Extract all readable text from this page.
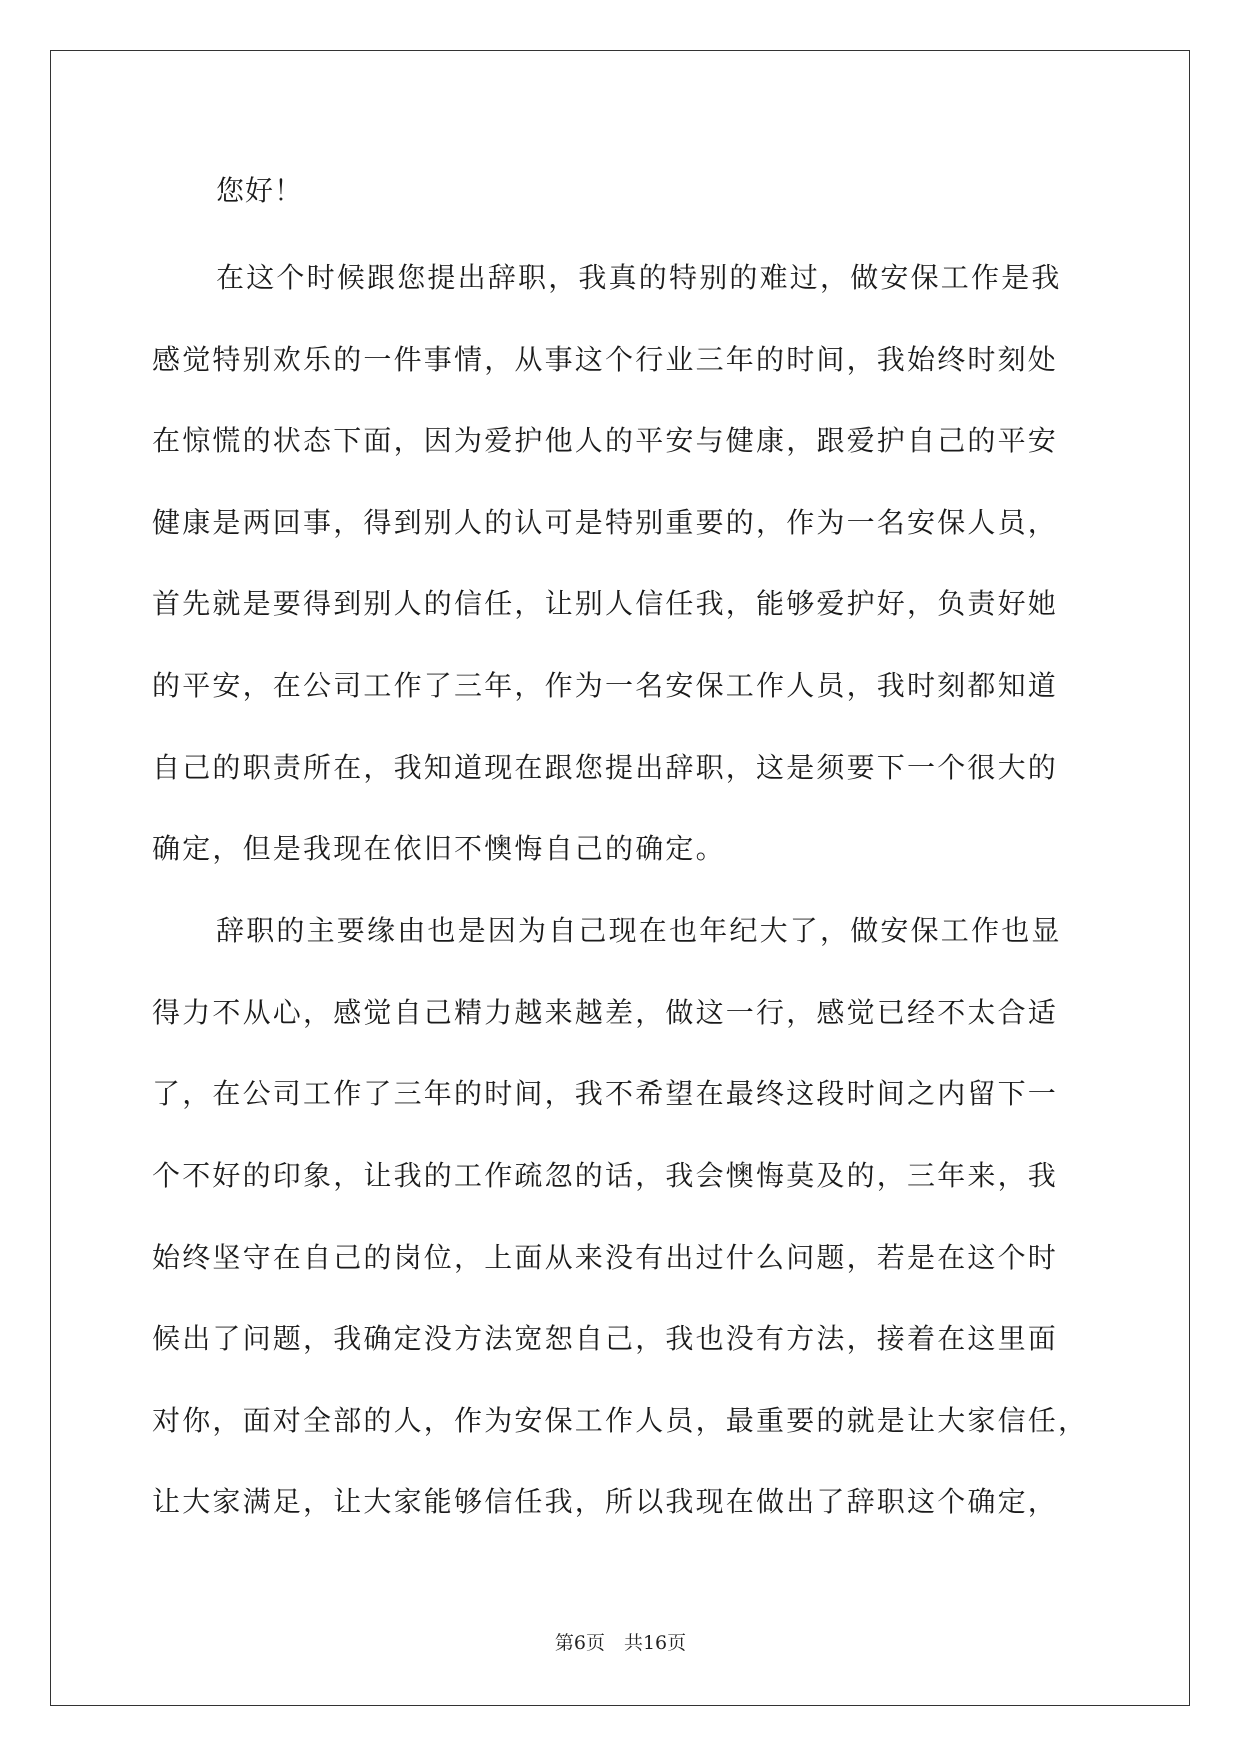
您好！
在这个时候跟您提出辞职，我真的特别的难过，做安保工作是我
感觉特别欢乐的一件事情，从事这个行业三年的时间，我始终时刻处
在惊慌的状态下面，因为爱护他人的平安与健康，跟爱护自己的平安
健康是两回事，得到别人的认可是特别重要的，作为一名安保人员，
首先就是要得到别人的信任，让别人信任我，能够爱护好，负责好她
的平安，在公司工作了三年，作为一名安保工作人员，我时刻都知道
自己的职责所在，我知道现在跟您提出辞职，这是须要下一个很大的
确定，但是我现在依旧不懊悔自己的确定。
辞职的主要缘由也是因为自己现在也年纪大了，做安保工作也显
得力不从心，感觉自己精力越来越差，做这一行，感觉已经不太合适
了，在公司工作了三年的时间，我不希望在最终这段时间之内留下一
个不好的印象，让我的工作疏忽的话，我会懊悔莫及的，三年来，我
始终坚守在自己的岗位，上面从来没有出过什么问题，若是在这个时
候出了问题，我确定没方法宽恕自己，我也没有方法，接着在这里面
对你，面对全部的人，作为安保工作人员，最重要的就是让大家信任，
让大家满足，让大家能够信任我，所以我现在做出了辞职这个确定，
第6页　共16页
